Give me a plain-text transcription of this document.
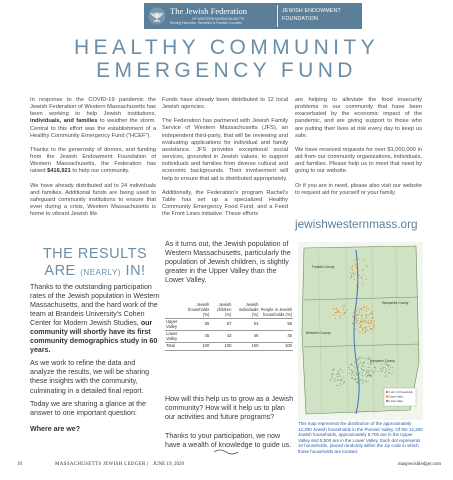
The Jewish Federation
OF WESTERN MASSACHUSETTS
Serving Hampden, Berkshire & Franklin Counties
JEWISH ENDOWMENT
FOUNDATION
HEALTHY COMMUNITY
EMERGENCY FUND

In response to the COVID-19 pandemic the Jewish Federation of Western Massachusetts has been working to help Jewish institutions, individuals, and families to weather the storm. Central to this effort was the establishment of a Healthy Community Emergency Fund ("HCEF").

Thanks to the generosity of donors, and funding from the Jewish Endowment Foundation of Western Massachusetts, the Federation has raised $416,921 to help our community.

We have already distributed aid to 24 individuals and families. Additional funds are being used to safeguard community institutions to ensure that even during a crisis, Western Massachusetts is home to vibrant Jewish life.

Funds have already been distributed to 12 local Jewish agencies.

The Federation has partnered with Jewish Family Service of Western Massachusetts (JFS), an independent third-party, that will be reviewing and evaluating applications for individual and family assistance. JFS provides exceptional social services, grounded in Jewish values, to support individuals and families from diverse cultural and economic backgrounds. Their involvement will help to ensure that aid is distributed appropriately.

Additionally, the Federation's program Rachel's Table has set up a specialized Healthy Community Emergency Food Fund, and a Feed the Front Lines initiative. These efforts

are helping to alleviate the food insecurity problems in our community that have been exacerbated by the economic impact of the pandemic, and are giving support to those who are putting their lives at risk every day to keep us safe.

We have received requests for over $1,000,000 in aid from our community organizations, individuals, and families. Please help us to meet that need by going to our website.

Or if you are in need, please also visit our website to request aid for yourself or your family.

jewishwesternmass.org
THE RESULTS
ARE (NEARLY) IN!

Thanks to the outstanding participation rates of the Jewish population in Western Massachusetts, and the hard work of the team at Brandeis University's Cohen Center for Modern Jewish Studies, our community will shortly have its first community demographics study in 60 years.

As we work to refine the data and analyze the results, we will be sharing these insights with the community, culminating in a detailed final report.

Today we are sharing a glance at the answer to one important question:

Where are we?

As it turns out, the Jewish population of Western Massachusetts, particularly the population of Jewish children, is slightly greater in the Upper Valley than the Lower Valley.

	Jewish households (%)	Jewish children (%)	Jewish individuals (%)	People in Jewish households (%)
Upper Valley	55	57	54	55
Lower Valley	45	43	46	45
Total	100	100	100	100

How will this help us to grow as a Jewish community? How will it help us to plan our activities and future programs?

Thanks to your participation, we now have a wealth of knowledge to guide us.

Franklin County
Hampshire County
Hampden County
Berkshire County
1 dot = 10 households
Upper Valley
Lower Valley
This map represents the distribution of the approximately 12,200 Jewish households in the Pioneer Valley. Of the 12,200 Jewish households, approximately 6,700 are in the Upper Valley and 5,500 are in the Lower Valley. Each dot represents 10 households, placed randomly within the zip code in which those households are located.
10	MASSACHUSETTS JEWISH LEDGER | JUNE 19, 2020	masjewishledger.com
